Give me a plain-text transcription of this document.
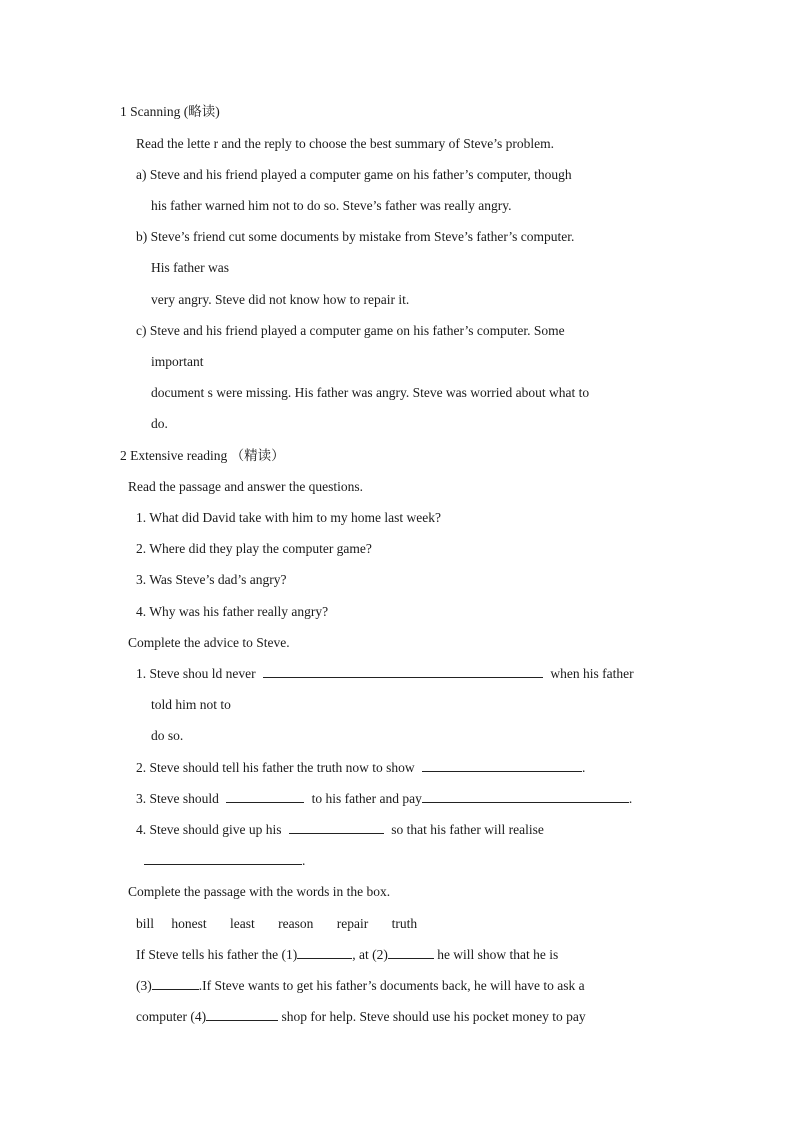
1 Scanning (略读)
Read the lette r and the reply to choose the best summary of Steve’s problem.
a) Steve and his friend played a computer game on his father’s computer, though
his father warned him not to do so. Steve’s father was really angry.
b) Steve’s friend cut some documents by mistake from Steve’s father’s computer.
His father was
very angry. Steve did not know how to repair it.
c) Steve and his friend played a computer game on his father’s computer. Some
important
document s were missing. His father was angry. Steve was worried about what to
do.
2 Extensive reading （精读）
Read the passage and answer the questions.
1. What did David take with him to my home last week?
2. Where did they play the computer game?
3. Was Steve’s dad’s angry?
4. Why was his father really angry?
Complete the advice to Steve.
1. Steve shou ld never	when his father
told him not to
do so.
2. Steve should tell his father the truth now to show	.
3. Steve should	to his father and pay	.
4. Steve should give up his	so that his father will realise
.
Complete the passage with the words in the box.
bill honest least reason repair truth
If Steve tells his father the (1)	, at (2)	he will show that he is
(3)	.If Steve wants to get his father’s documents back, he will have to ask a
computer (4)	shop for help. Steve should use his pocket money to pay
